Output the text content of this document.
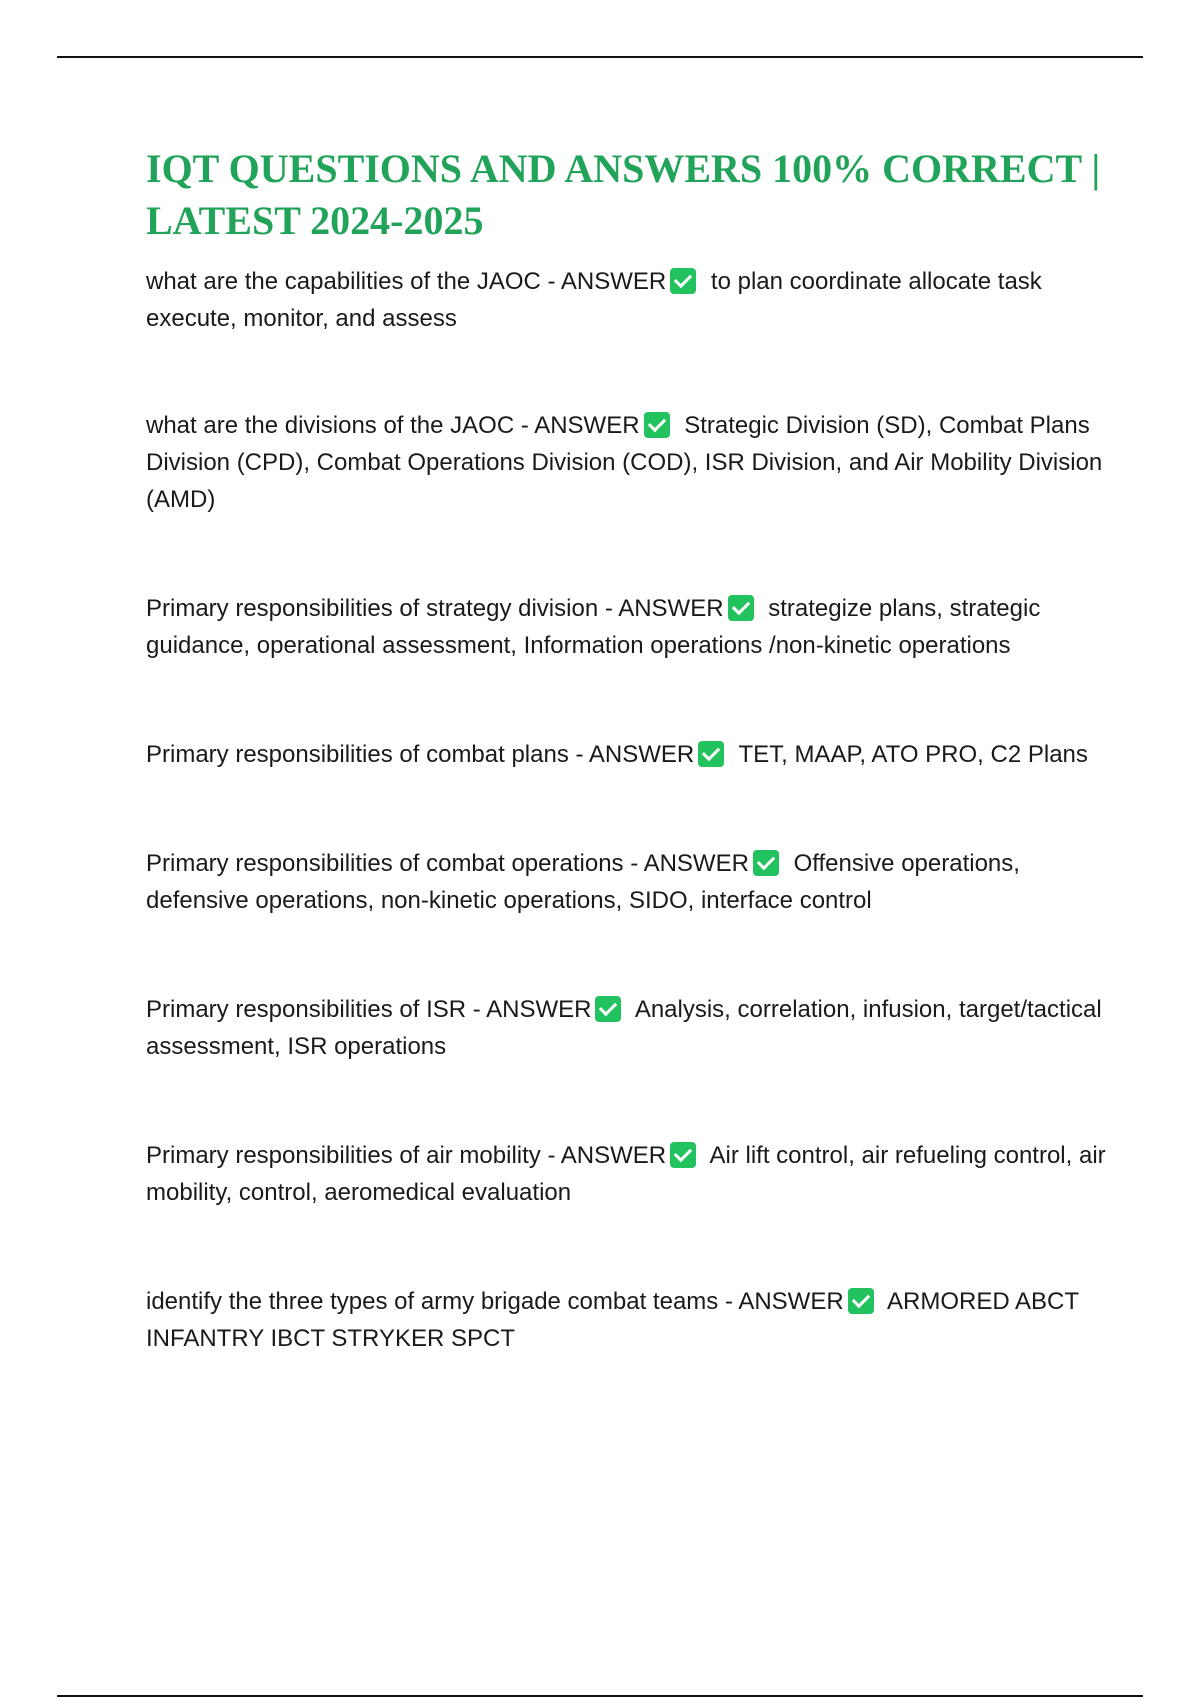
IQT QUESTIONS AND ANSWERS 100% CORRECT | LATEST 2024-2025
what are the capabilities of the JAOC - ANSWER to plan coordinate allocate task execute, monitor, and assess
what are the divisions of the JAOC - ANSWER Strategic Division (SD), Combat Plans Division (CPD), Combat Operations Division (COD), ISR Division, and Air Mobility Division (AMD)
Primary responsibilities of strategy division - ANSWER strategize plans, strategic guidance, operational assessment, Information operations /non-kinetic operations
Primary responsibilities of combat plans - ANSWER TET, MAAP, ATO PRO, C2 Plans
Primary responsibilities of combat operations - ANSWER Offensive operations, defensive operations, non-kinetic operations, SIDO, interface control
Primary responsibilities of ISR - ANSWER Analysis, correlation, infusion, target/tactical assessment, ISR operations
Primary responsibilities of air mobility - ANSWER Air lift control, air refueling control, air mobility, control, aeromedical evaluation
identify the three types of army brigade combat teams - ANSWER ARMORED ABCT INFANTRY IBCT STRYKER SPCT
